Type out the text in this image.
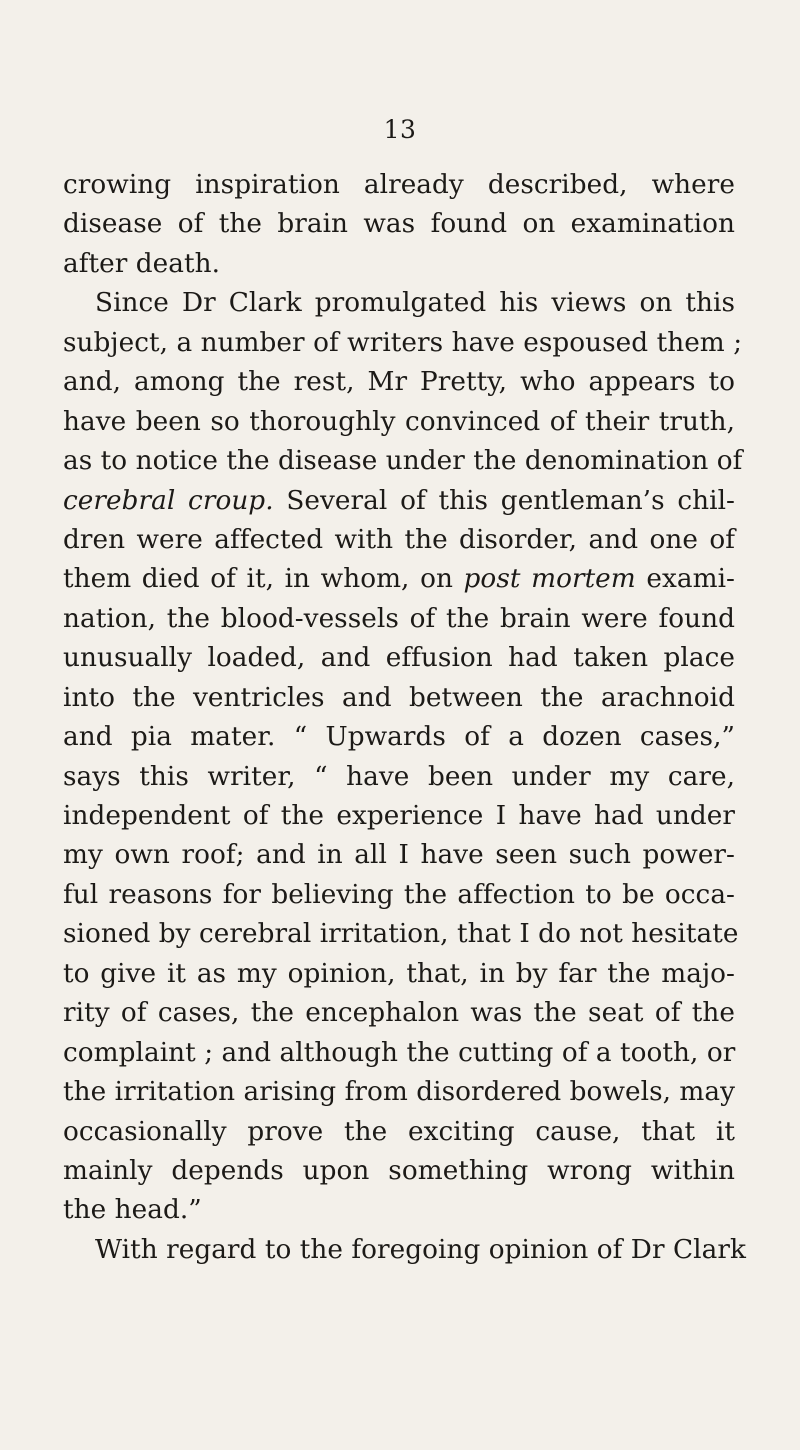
13
crowing inspiration already described, where
disease of the brain was found on examination
after death.
Since Dr Clark promulgated his views on this
subject, a number of writers have espoused them ;
and, among the rest, Mr Pretty, who appears to
have been so thoroughly convinced of their truth,
as to notice the disease under the denomination of
cerebral croup. Several of this gentleman’s chil-
dren were affected with the disorder, and one of
them died of it, in whom, on post mortem exami-
nation, the blood-vessels of the brain were found
unusually loaded, and effusion had taken place
into the ventricles and between the arachnoid
and pia mater. “ Upwards of a dozen cases,”
says this writer, “ have been under my care,
independent of the experience I have had under
my own roof; and in all I have seen such power-
ful reasons for believing the affection to be occa-
sioned by cerebral irritation, that I do not hesitate
to give it as my opinion, that, in by far the majo-
rity of cases, the encephalon was the seat of the
complaint ; and although the cutting of a tooth, or
the irritation arising from disordered bowels, may
occasionally prove the exciting cause, that it
mainly depends upon something wrong within
the head.”
With regard to the foregoing opinion of Dr Clark
